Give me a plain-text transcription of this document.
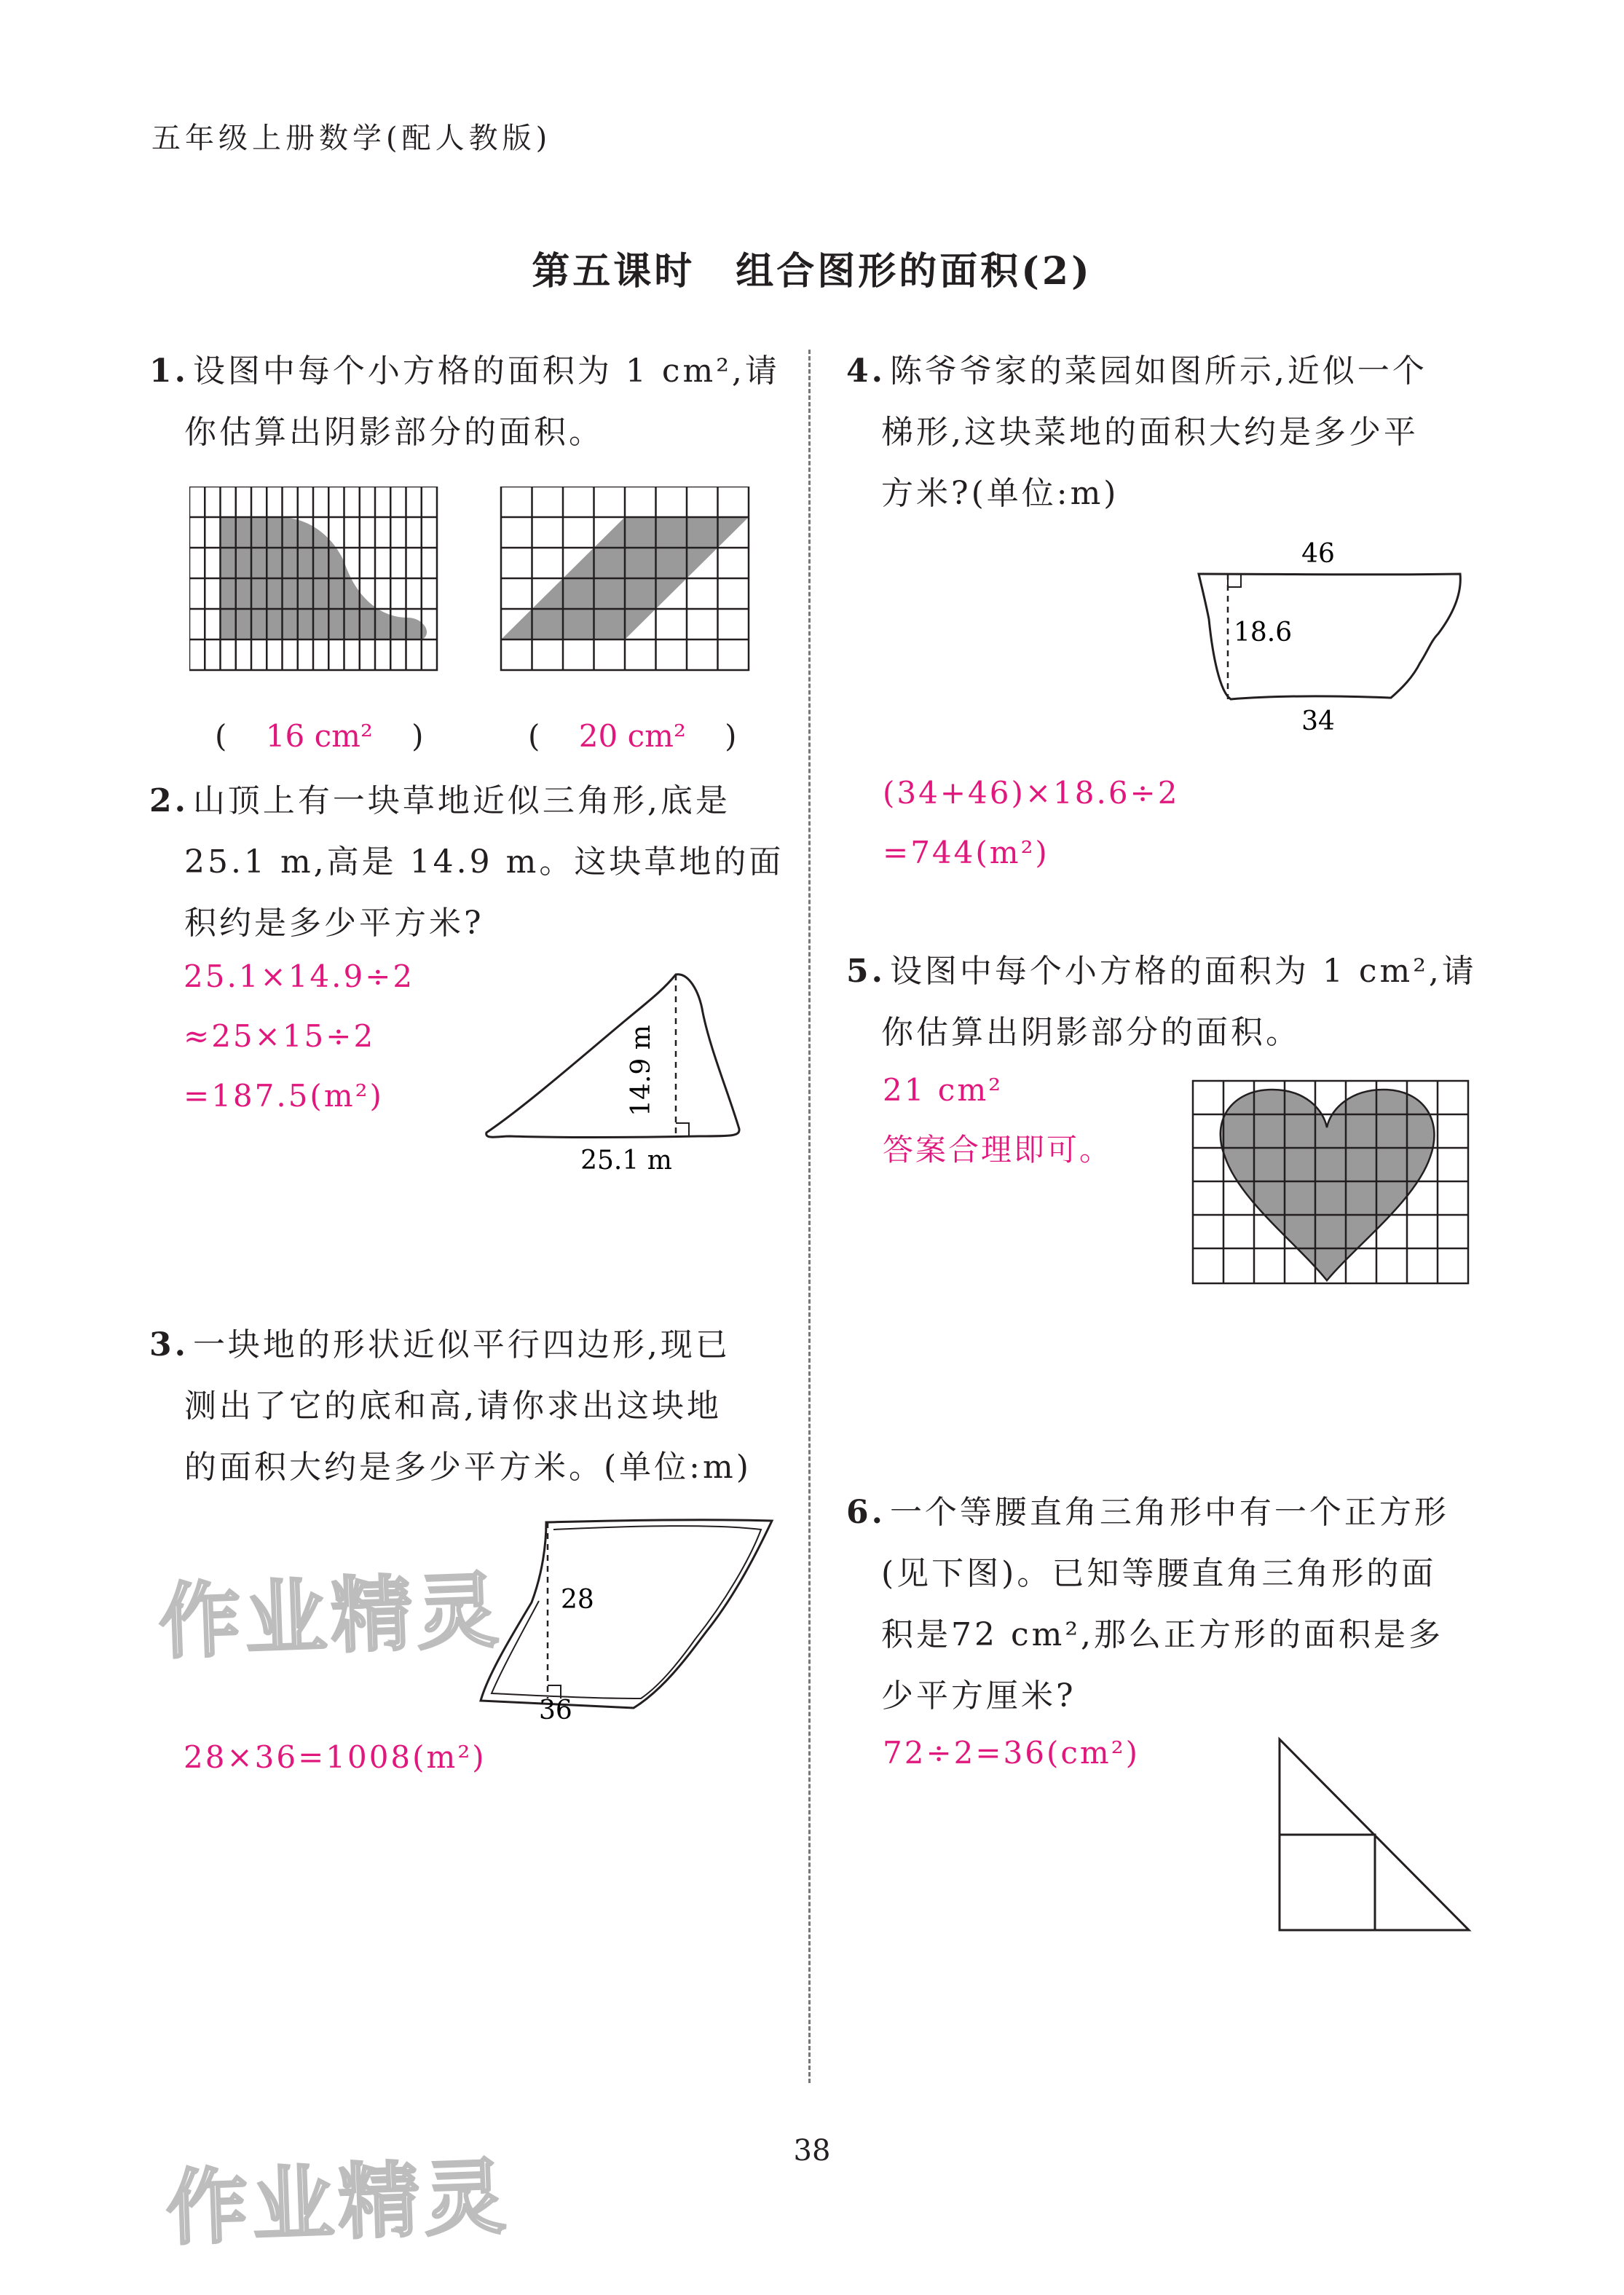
五年级上册数学(配人教版)
第五课时　组合图形的面积(2)

1. 设图中每个小方格的面积为 1 cm²,请

你估算出阴影部分的面积。

(    16 cm²    )	(    20 cm²    )

2. 山顶上有一块草地近似三角形,底是

25.1 m,高是 14.9 m。这块草地的面

积约是多少平方米?

25.1×14.9÷2

≈25×15÷2

=187.5(m²)	14.9 m
25.1 m

3. 一块地的形状近似平行四边形,现已

测出了它的底和高,请你求出这块地

的面积大约是多少平方米。(单位:m)

28
36
28×36=1008(m²)
作业精灵

4. 陈爷爷家的菜园如图所示,近似一个

梯形,这块菜地的面积大约是多少平

方米?(单位:m)

46
18.6
34

(34+46)×18.6÷2

=744(m²)

5. 设图中每个小方格的面积为 1 cm²,请

你估算出阴影部分的面积。

21 cm²

答案合理即可。

6. 一个等腰直角三角形中有一个正方形

(见下图)。已知等腰直角三角形的面

积是72 cm²,那么正方形的面积是多

少平方厘米?

72÷2=36(cm²)
作业精灵	38
